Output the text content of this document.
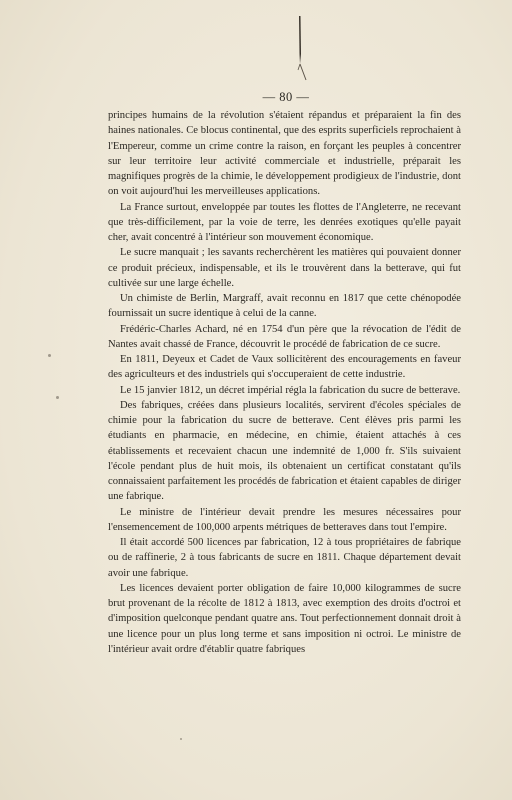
— 80 —

principes humains de la révolution s'étaient répandus et préparaient la fin des haines nationales. Ce blocus continental, que des esprits superficiels reprochaient à l'Empereur, comme un crime contre la raison, en forçant les peuples à concentrer sur leur territoire leur activité commerciale et industrielle, préparait les magnifiques progrès de la chimie, le développement prodigieux de l'industrie, dont on voit aujourd'hui les merveilleuses applications.

La France surtout, enveloppée par toutes les flottes de l'Angleterre, ne recevant que très-difficilement, par la voie de terre, les denrées exotiques qu'elle payait cher, avait concentré à l'intérieur son mouvement économique.

Le sucre manquait ; les savants recherchèrent les matières qui pouvaient donner ce produit précieux, indispensable, et ils le trouvèrent dans la betterave, qui fut cultivée sur une large échelle.

Un chimiste de Berlin, Margraff, avait reconnu en 1817 que cette chénopodée fournissait un sucre identique à celui de la canne.

Frédéric-Charles Achard, né en 1754 d'un père que la révocation de l'édit de Nantes avait chassé de France, découvrit le procédé de fabrication de ce sucre.

En 1811, Deyeux et Cadet de Vaux sollicitèrent des encouragements en faveur des agriculteurs et des industriels qui s'occuperaient de cette industrie.

Le 15 janvier 1812, un décret impérial régla la fabrication du sucre de betterave.

Des fabriques, créées dans plusieurs localités, servirent d'écoles spéciales de chimie pour la fabrication du sucre de betterave. Cent élèves pris parmi les étudiants en pharmacie, en médecine, en chimie, étaient attachés à ces établissements et recevaient chacun une indemnité de 1,000 fr. S'ils suivaient l'école pendant plus de huit mois, ils obtenaient un certificat constatant qu'ils connaissaient parfaitement les procédés de fabrication et étaient capables de diriger une fabrique.

Le ministre de l'intérieur devait prendre les mesures nécessaires pour l'ensemencement de 100,000 arpents métriques de betteraves dans tout l'empire.

Il était accordé 500 licences par fabrication, 12 à tous propriétaires de fabrique ou de raffinerie, 2 à tous fabricants de sucre en 1811. Chaque département devait avoir une fabrique.

Les licences devaient porter obligation de faire 10,000 kilogrammes de sucre brut provenant de la récolte de 1812 à 1813, avec exemption des droits d'octroi et d'imposition quelconque pendant quatre ans. Tout perfectionnement donnait droit à une licence pour un plus long terme et sans imposition ni octroi. Le ministre de l'intérieur avait ordre d'établir quatre fabriques
